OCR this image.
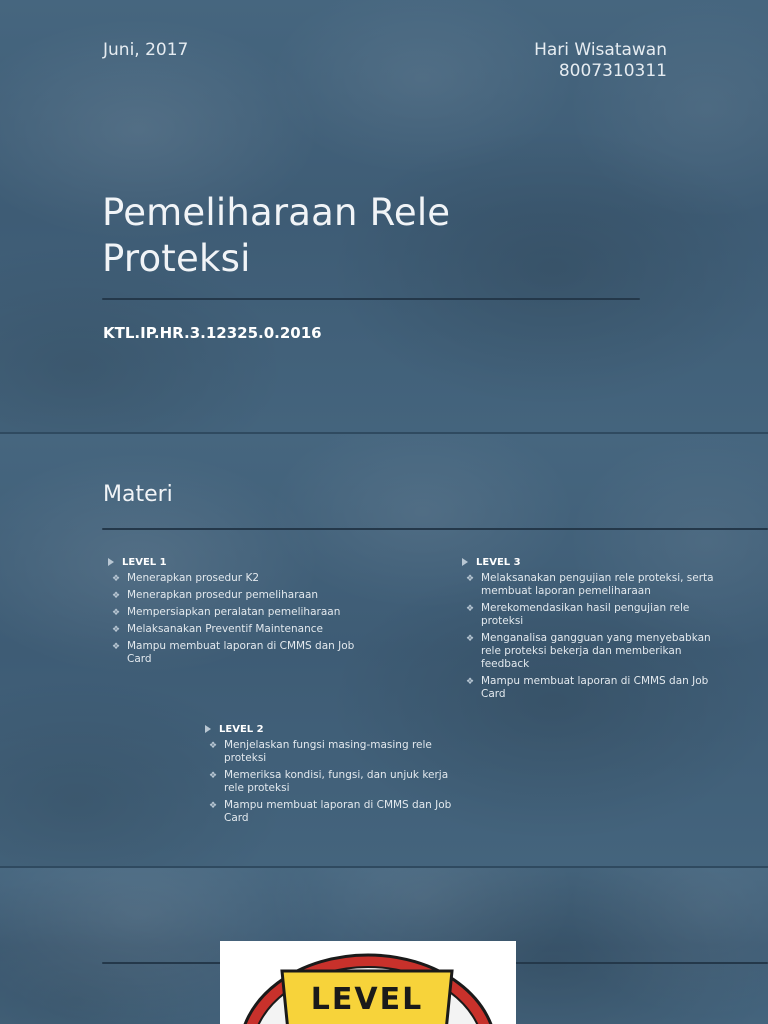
Juni, 2017	Hari Wisatawan
8007310311
Pemeliharaan Rele
Proteksi
KTL.IP.HR.3.12325.0.2016
Materi
LEVEL 1
❖ Menerapkan prosedur K2
❖ Menerapkan prosedur pemeliharaan
❖ Mempersiapkan peralatan pemeliharaan
❖ Melaksanakan Preventif Maintenance
❖ Mampu membuat laporan di CMMS dan Job Card
LEVEL 2
❖ Menjelaskan fungsi masing-masing rele proteksi
❖ Memeriksa kondisi, fungsi, dan unjuk kerja rele proteksi
❖ Mampu membuat laporan di CMMS dan Job Card
LEVEL 3
❖ Melaksanakan pengujian rele proteksi, serta membuat laporan pemeliharaan
❖ Merekomendasikan hasil pengujian rele proteksi
❖ Menganalisa gangguan yang menyebabkan rele proteksi bekerja dan memberikan feedback
❖ Mampu membuat laporan di CMMS dan Job Card
LEVEL
